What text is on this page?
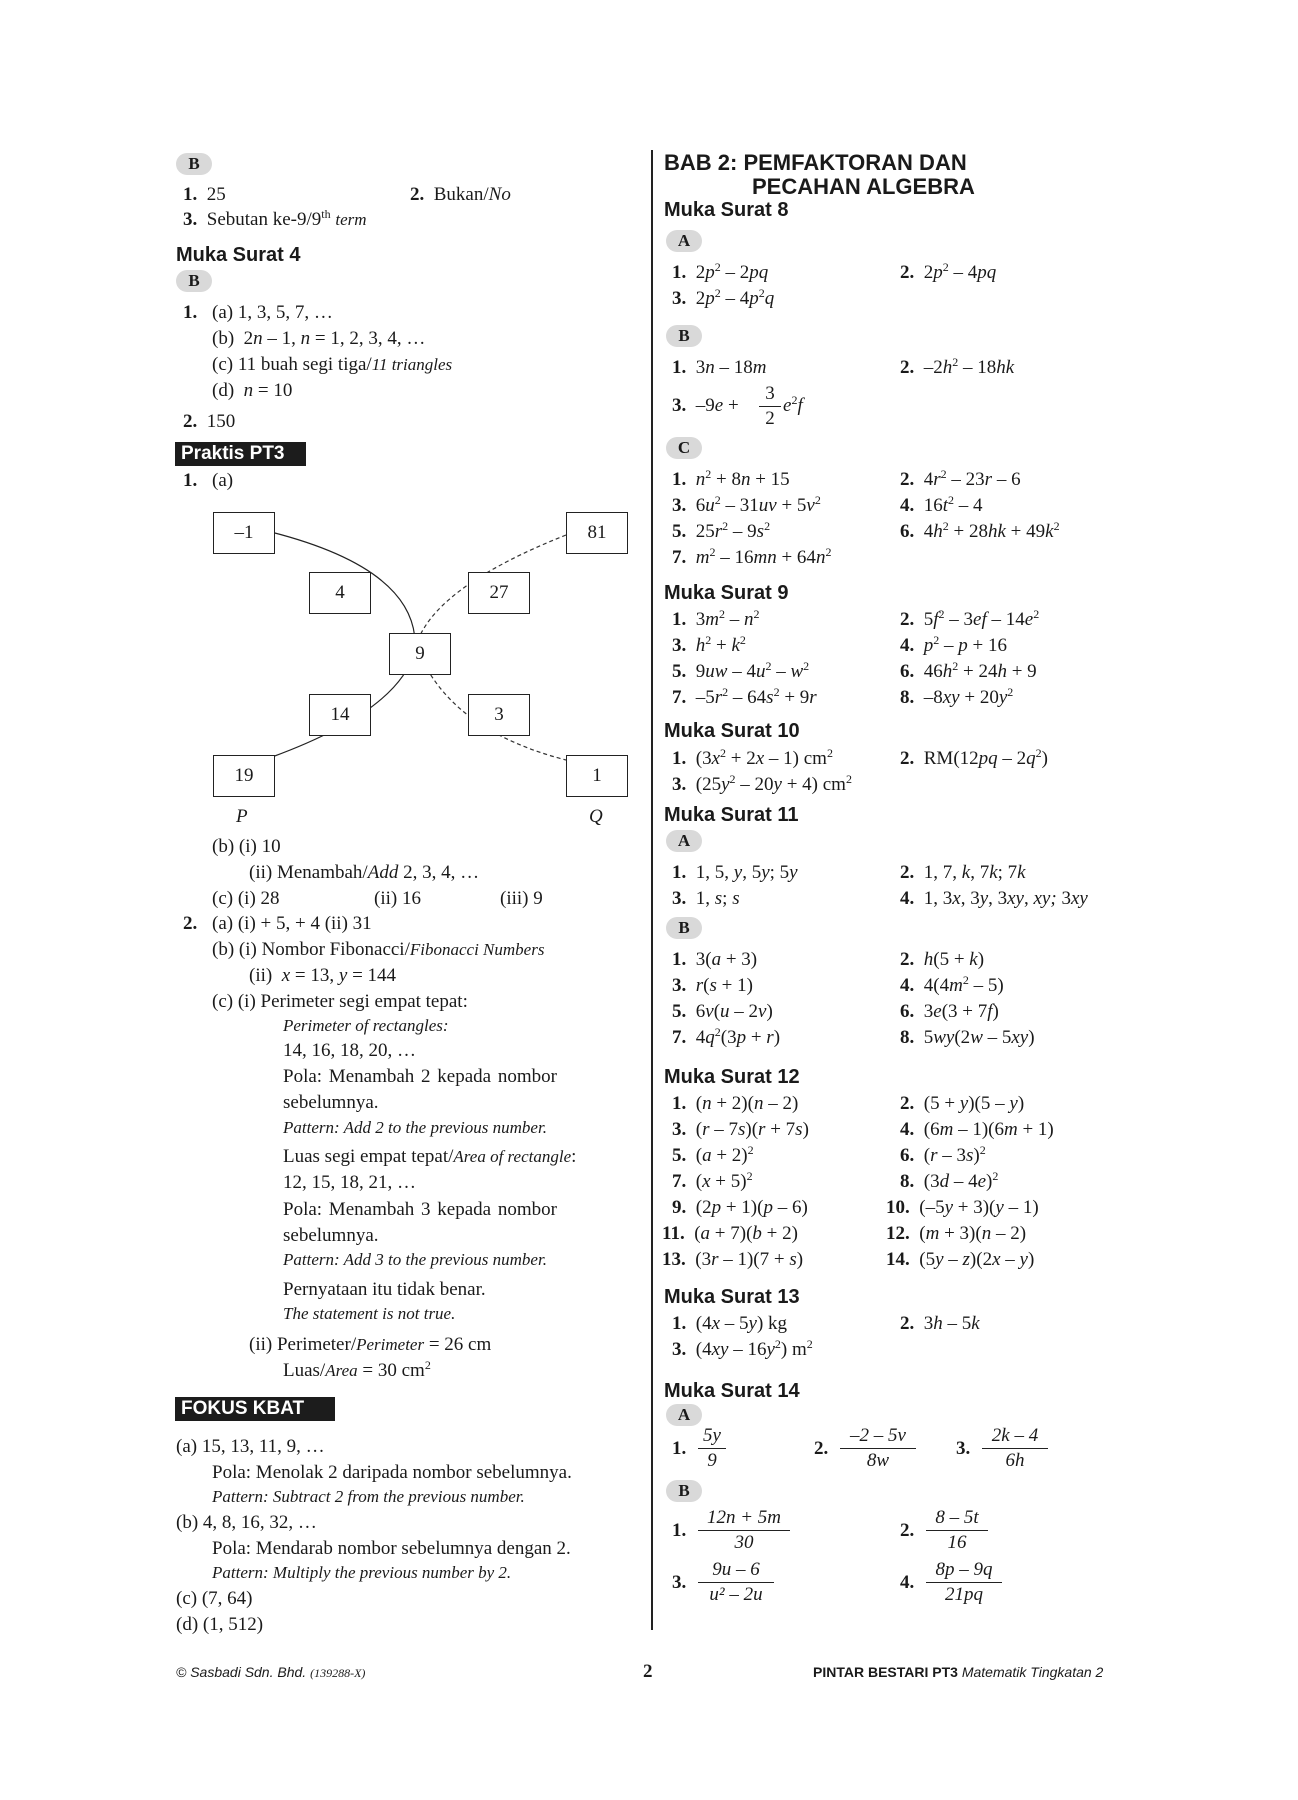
B
1. 25	2. Bukan/No
3. Sebutan ke-9/9th term
Muka Surat 4
B
1. (a) 1, 3, 5, 7, …
(b)  2n – 1, n = 1, 2, 3, 4, …
(c) 11 buah segi tiga/11 triangles
(d)  n = 10
2. 150
Praktis PT3
1. (a)
–1	81
4	27
9
14	3
19	1
P	Q
(b) (i) 10
(ii) Menambah/Add 2, 3, 4, …
(c) (i) 28	(ii) 16	(iii) 9
2. (a) (i) + 5, + 4 (ii) 31
(b) (i) Nombor Fibonacci/Fibonacci Numbers
(ii)  x = 13, y = 144
(c) (i) Perimeter segi empat tepat:
Perimeter of rectangles:
14, 16, 18, 20, …
Pola: Menambah 2 kepada nombor
sebelumnya.
Pattern: Add 2 to the previous number.
Luas segi empat tepat/Area of rectangle:
12, 15, 18, 21, …
Pola: Menambah 3 kepada nombor
sebelumnya.
Pattern: Add 3 to the previous number.
Pernyataan itu tidak benar.
The statement is not true.
(ii) Perimeter/Perimeter = 26 cm
Luas/Area = 30 $cm^2$
FOKUS KBAT
(a) 15, 13, 11, 9, …
Pola: Menolak 2 daripada nombor sebelumnya.
Pattern: Subtract 2 from the previous number.
(b) 4, 8, 16, 32, …
Pola: Mendarab nombor sebelumnya dengan 2.
Pattern: Multiply the previous number by 2.
(c) (7, 64)
(d) (1, 512)
BAB 2: PEMFAKTORAN DAN
PECAHAN ALGEBRA
Muka Surat 8
A
1.  $2p^2 - 2pq$	2.  $2p^2 - 4pq$
3.  $2p^2 - 4p^2q$
B
1.  3n – 18m	2.  $-2h^2 - 18hk$
3.  $-9e + \frac{3}{2} e^2f$
C
1. $n^2 + 8n + 15$	2.  $4r^2 - 23r - 6$
3.  $6u^2 - 31uv + 5v^2$	4.  $16t^2 - 4$
5.  $25r^2 - 9s^2$	6.  $4h^2 + 28hk + 49k^2$
7. $m^2 - 16mn + 64n^2$
Muka Surat 9
1.  $3m^2 - n^2$	2.  $5f^2 - 3ef - 14e^2$
3. $h^2 + k^2$	4. $p^2 - p + 16$
5.  $9uw - 4u^2 - w^2$	6.  $46h^2 + 24h + 9$
7.  $-5r^2 - 64s^2 + 9r$	8.  $-8xy + 20y^2$
Muka Surat 10
1.  $(3x^2 + 2x - 1)$ $cm^2$	2.  $RM(12pq - 2q^2)$
3.  $(25y^2 - 20y + 4)$ $cm^2$
Muka Surat 11
A
1.  1, 5, y, 5y; 5y	2.  1, 7, k, 7k; 7k
3.  1, s; s	4.  1, 3x, 3y, 3xy, xy; 3xy
B
1.  3(a + 3)	2. h(5 + k)
3. r(s + 1)	4.  $4(4m^2 - 5)$
5.  6v(u – 2v)	6.  3e(3 + 7f)
7.  $4q^2(3p + r)$	8.  5wy(2w – 5xy)
Muka Surat 12
1.  (n + 2)(n – 2)	2.  (5 + y)(5 – y)
3.  (r – 7s)(r + 7s)	4.  (6m – 1)(6m + 1)
5.  $(a + 2)^2$	6.  (r – 3s)$^2$
7.  $(x + 5)^2$	8.  (3d – 4e)$^2$
9.  (2p + 1)(p – 6)	10.  (–5y + 3)(y – 1)
11.  (a + 7)(b + 2)	12.  (m + 3)(n – 2)
13.  (3r – 1)(7 + s)	14.  (5y – z)(2x – y)
Muka Surat 13
1.  (4x – 5y) kg	2.  3h – 5k
3.  $(4xy - 16y^2)$ $m^2$
Muka Surat 14
A
1. $\frac{5y}{9}$	2. $\frac{-2 - 5v}{8w} 3$. $\frac{2k - 4}{6h}$
B
1. $\frac{12n + 5m}{30}$	2. $\frac{8 - 5t}{16}$
3. $\frac{9u - 6}{\text{u² – 2u}}$	4. $\frac{8p - 9q}{21pq}$
© Sasbadi Sdn. Bhd. (139288-X)	2	PINTAR BESTARI PT3 Matematik Tingkatan 2
